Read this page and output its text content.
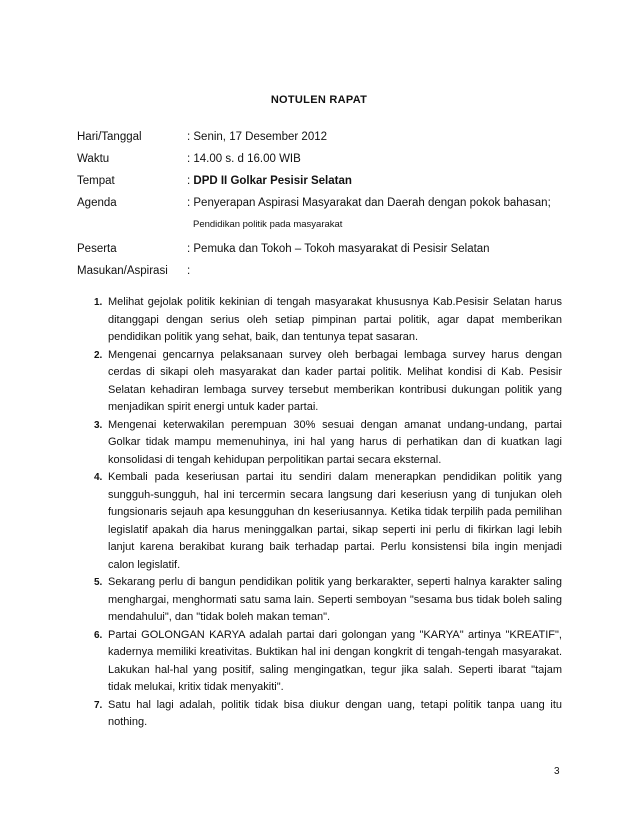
NOTULEN RAPAT
Hari/Tanggal	: Senin, 17 Desember 2012
Waktu	: 14.00 s. d 16.00 WIB
Tempat	: DPD II Golkar Pesisir Selatan
Agenda	: Penyerapan Aspirasi Masyarakat dan Daerah dengan pokok bahasan;
Pendidikan politik pada masyarakat
Peserta	: Pemuka dan Tokoh – Tokoh masyarakat di Pesisir Selatan
Masukan/Aspirasi	:
1. Melihat gejolak politik kekinian di tengah masyarakat khususnya Kab.Pesisir Selatan harus ditanggapi dengan serius oleh setiap pimpinan partai politik, agar dapat memberikan pendidikan politik yang sehat, baik, dan tentunya tepat sasaran.
2. Mengenai gencarnya pelaksanaan survey oleh berbagai lembaga survey harus dengan cerdas di sikapi oleh masyarakat dan kader partai politik. Melihat kondisi di Kab. Pesisir Selatan kehadiran lembaga survey tersebut memberikan kontribusi dukungan politik yang menjadikan spirit energi untuk kader partai.
3. Mengenai keterwakilan perempuan 30% sesuai dengan amanat undang-undang, partai Golkar tidak mampu memenuhinya, ini hal yang harus di perhatikan dan di kuatkan lagi konsolidasi di tengah kehidupan perpolitikan partai secara eksternal.
4. Kembali pada keseriusan partai itu sendiri dalam menerapkan pendidikan politik yang sungguh-sungguh, hal ini tercermin secara langsung dari keseriusn yang di tunjukan oleh fungsionaris sejauh apa kesungguhan dn keseriusannya. Ketika tidak terpilih pada pemilihan legislatif apakah dia harus meninggalkan partai, sikap seperti ini perlu di fikirkan lagi lebih lanjut karena berakibat kurang baik terhadap partai. Perlu konsistensi bila ingin menjadi calon legislatif.
5. Sekarang perlu di bangun pendidikan politik yang berkarakter, seperti halnya karakter saling menghargai, menghormati satu sama lain. Seperti semboyan "sesama bus tidak boleh saling mendahului", dan "tidak boleh makan teman".
6. Partai GOLONGAN KARYA adalah partai dari golongan yang "KARYA" artinya "KREATIF", kadernya memiliki kreativitas. Buktikan hal ini dengan kongkrit di tengah-tengah masyarakat. Lakukan hal-hal yang positif, saling mengingatkan, tegur jika salah. Seperti ibarat "tajam tidak melukai, kritix tidak menyakiti".
7. Satu hal lagi adalah, politik tidak bisa diukur dengan uang, tetapi politik tanpa uang itu nothing.
3
